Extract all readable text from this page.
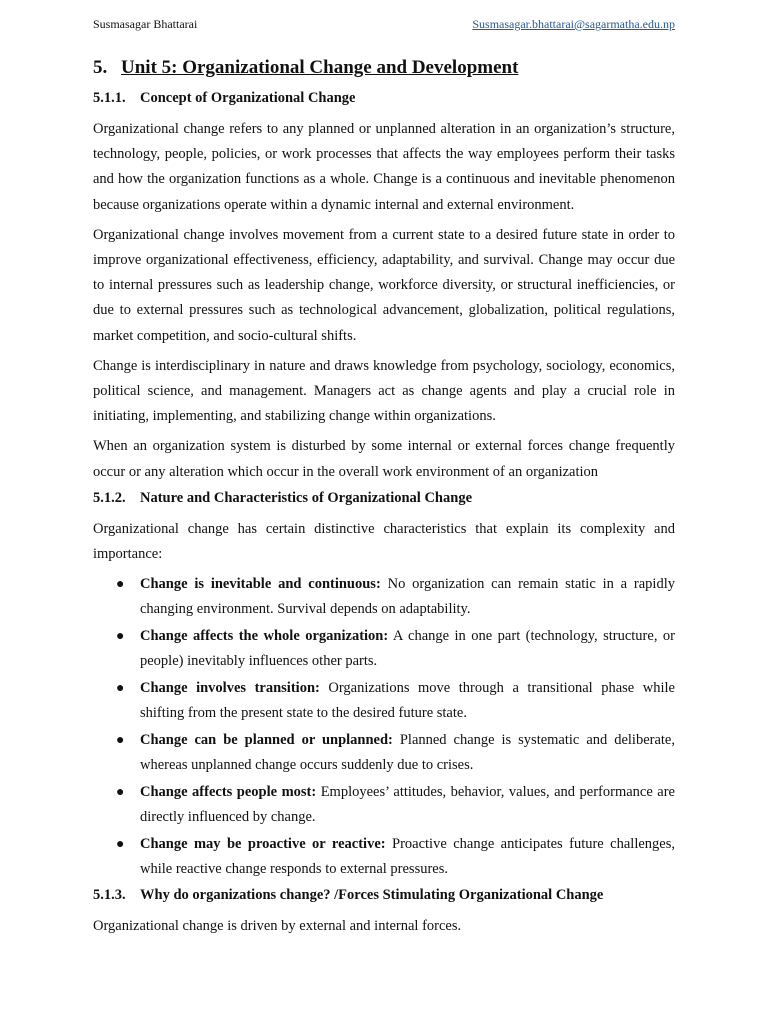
Susmasagar Bhattarai	Susmasagar.bhattarai@sagarmatha.edu.np
5. Unit 5: Organizational Change and Development
5.1.1. Concept of Organizational Change

Organizational change refers to any planned or unplanned alteration in an organization’s structure, technology, people, policies, or work processes that affects the way employees perform their tasks and how the organization functions as a whole. Change is a continuous and inevitable phenomenon because organizations operate within a dynamic internal and external environment.

Organizational change involves movement from a current state to a desired future state in order to improve organizational effectiveness, efficiency, adaptability, and survival. Change may occur due to internal pressures such as leadership change, workforce diversity, or structural inefficiencies, or due to external pressures such as technological advancement, globalization, political regulations, market competition, and socio-cultural shifts.

Change is interdisciplinary in nature and draws knowledge from psychology, sociology, economics, political science, and management. Managers act as change agents and play a crucial role in initiating, implementing, and stabilizing change within organizations.

When an organization system is disturbed by some internal or external forces change frequently occur or any alteration which occur in the overall work environment of an organization

5.1.2. Nature and Characteristics of Organizational Change

Organizational change has certain distinctive characteristics that explain its complexity and importance:

● Change is inevitable and continuous: No organization can remain static in a rapidly changing environment. Survival depends on adaptability.
● Change affects the whole organization: A change in one part (technology, structure, or people) inevitably influences other parts.
● Change involves transition: Organizations move through a transitional phase while shifting from the present state to the desired future state.
● Change can be planned or unplanned: Planned change is systematic and deliberate, whereas unplanned change occurs suddenly due to crises.
● Change affects people most: Employees’ attitudes, behavior, values, and performance are directly influenced by change.
● Change may be proactive or reactive: Proactive change anticipates future challenges, while reactive change responds to external pressures.
5.1.3. Why do organizations change? /Forces Stimulating Organizational Change

Organizational change is driven by external and internal forces.
